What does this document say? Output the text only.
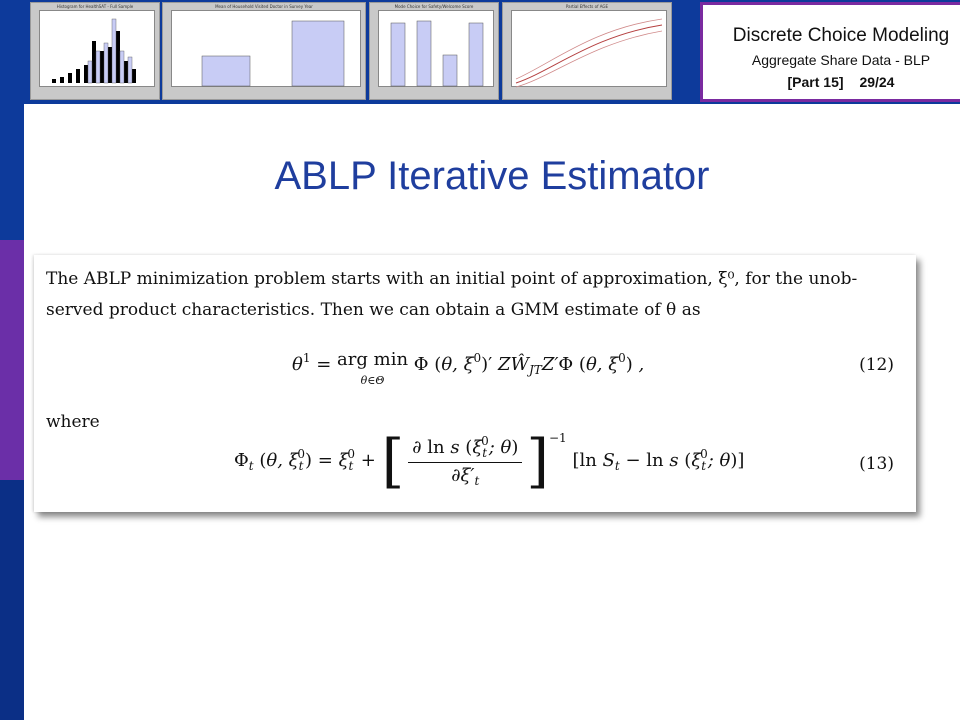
Histogram for HealthSAT - Full Sample	Mean of Household Visited Doctor in Survey Year	Mode Choice for Safety/Welcome Score	Partial Effects of AGE
Discrete Choice Modeling
Aggregate Share Data - BLP
[Part 15] 29/24
ABLP Iterative Estimator
The ABLP minimization problem starts with an initial point of approximation, ξ⁰, for the unob-
served product characteristics. Then we can obtain a GMM estimate of θ as
$\theta^1$ = arg min
θ∈Θ Φ (θ, $\xi^0)'$ $ZŴ_{JT}Z'\Phi$ (θ, $\xi^0$) ,	(12)
where
$\Phi_t$ (θ, $\xi_t^0) = \xi_t^0$ + [ $\frac{\partial \ln s (\xi_t^0; \theta)}{\partial\xi'_t} ]^{-1}$ [ln $S_t - \ln s$ ($\xi_t^0$; θ)]	(13)
